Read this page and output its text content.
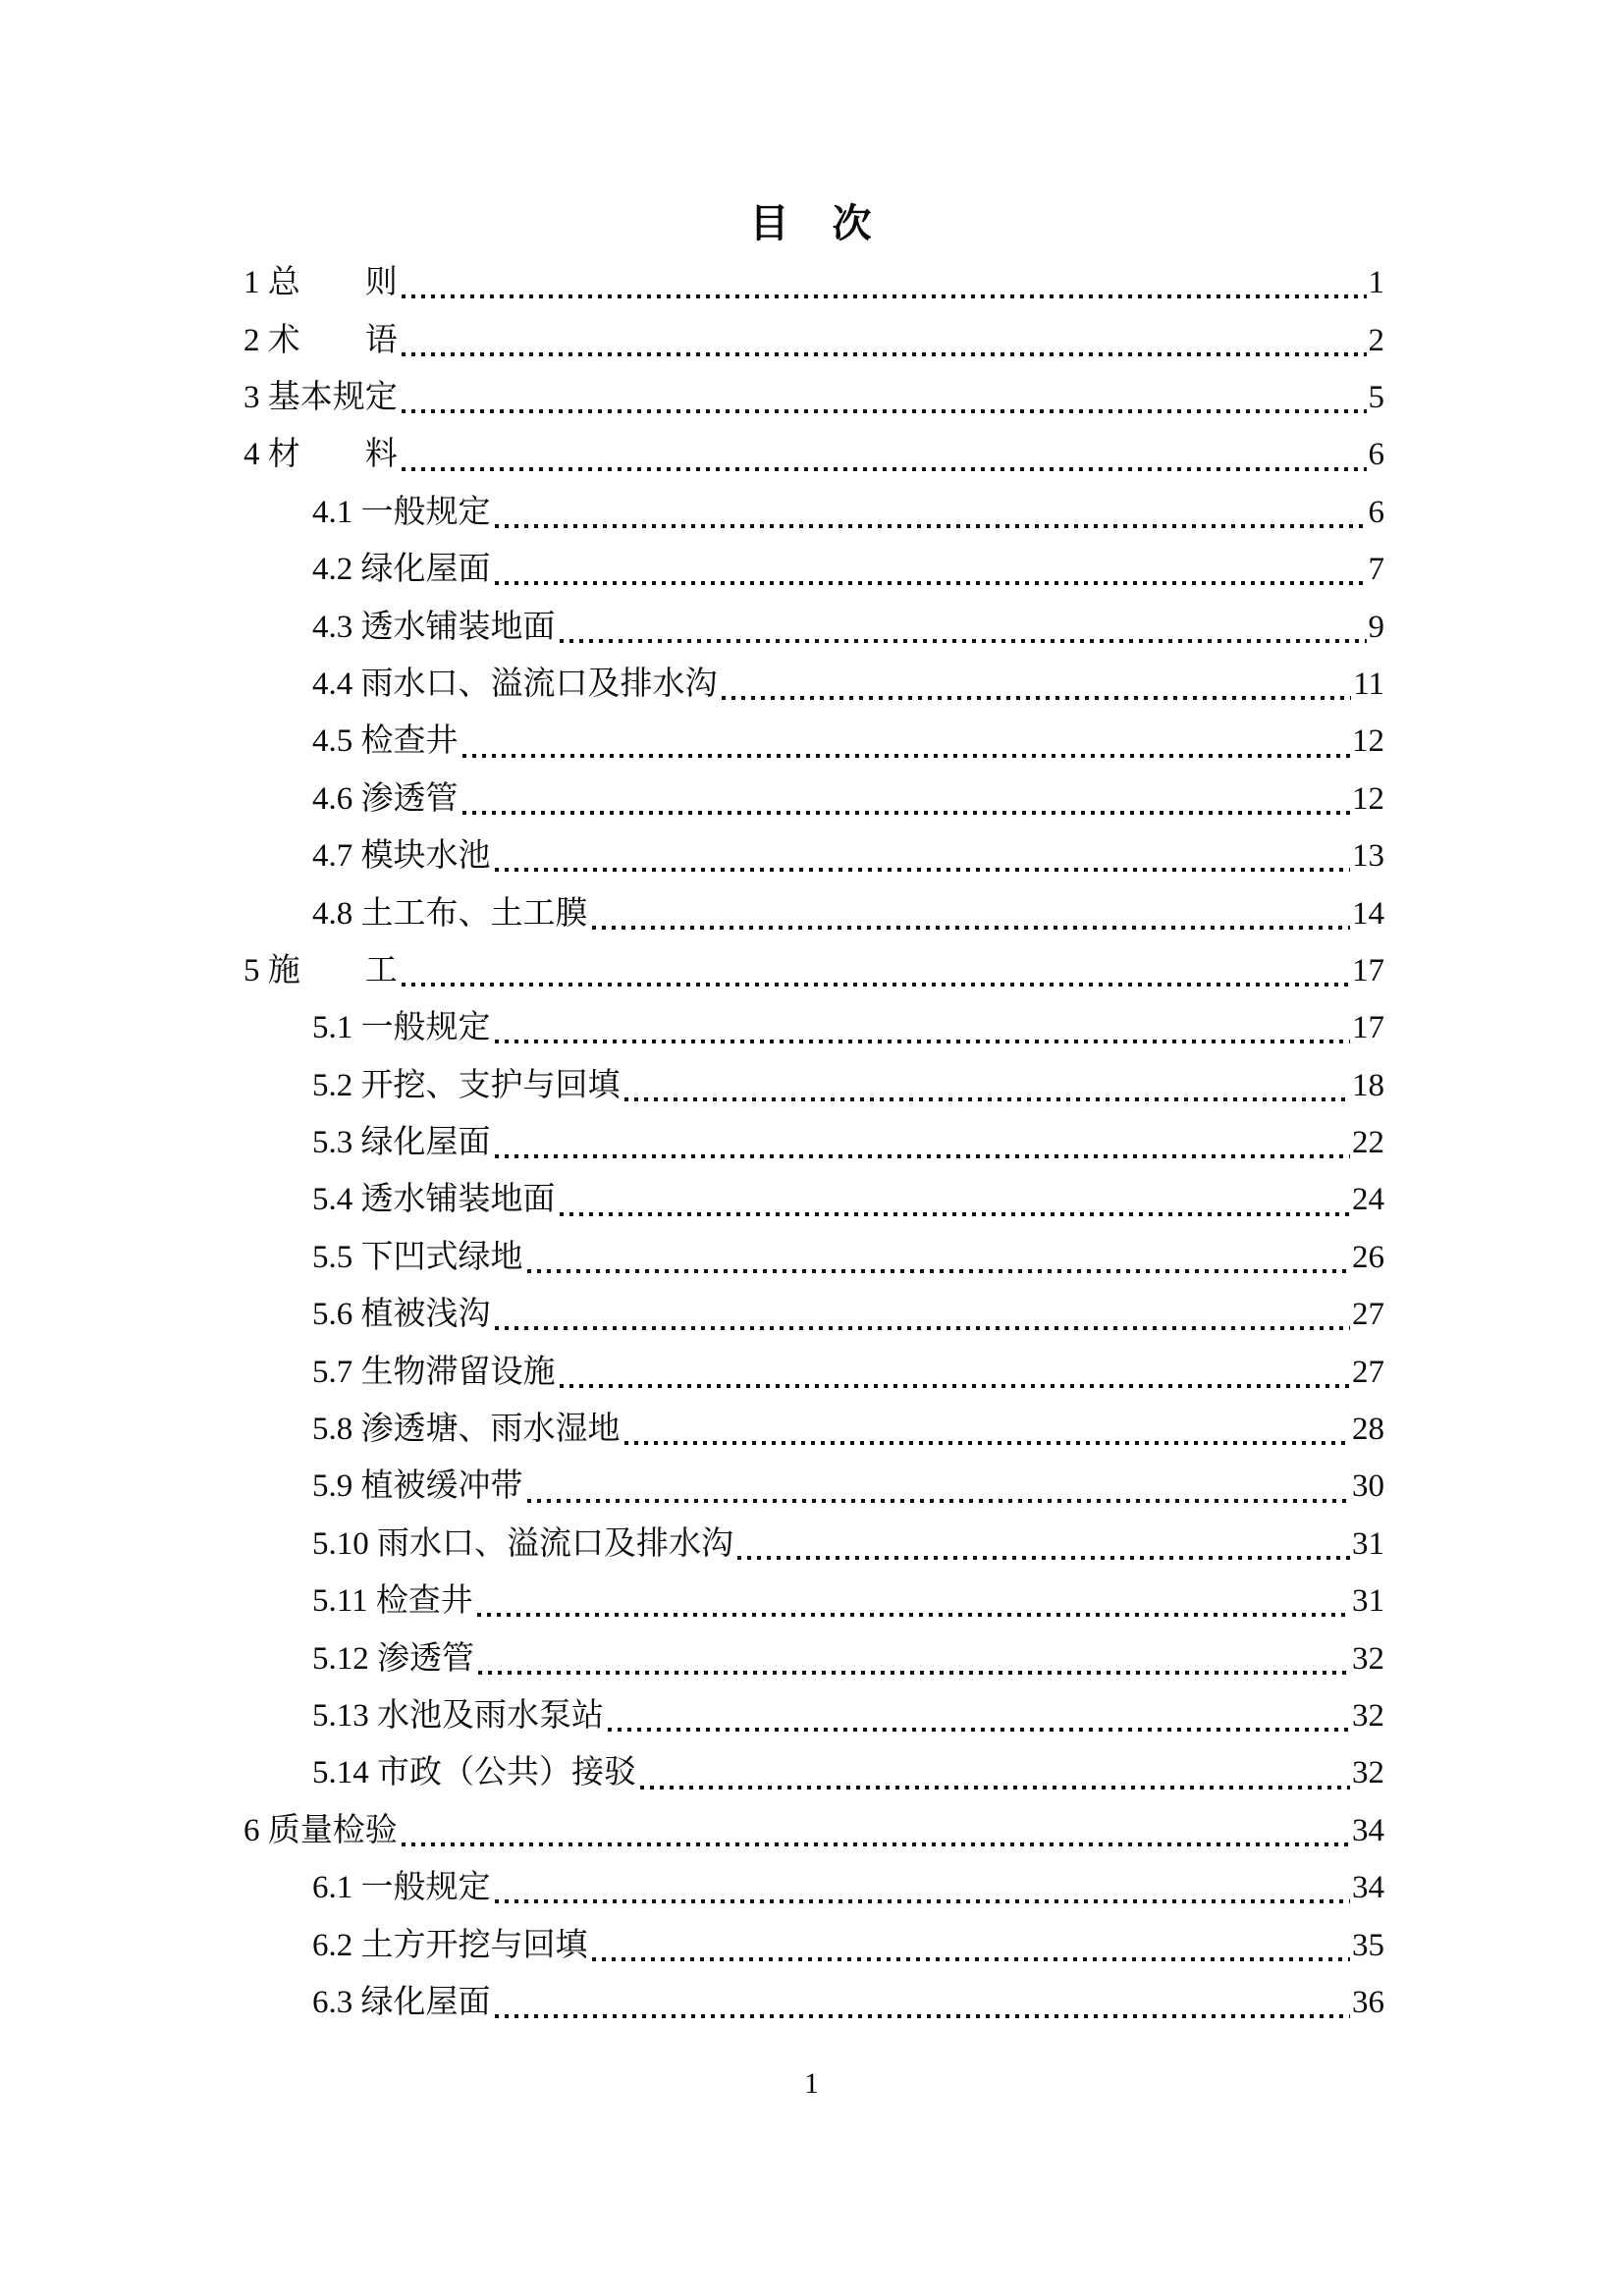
目　次
1 总　　则	1
2 术　　语	2
3 基本规定	5
4 材　　料	6
4.1 一般规定	6
4.2 绿化屋面	7
4.3 透水铺装地面	9
4.4 雨水口、溢流口及排水沟	11
4.5 检查井	12
4.6 渗透管	12
4.7 模块水池	13
4.8 土工布、土工膜	14
5 施　　工	17
5.1 一般规定	17
5.2 开挖、支护与回填	18
5.3 绿化屋面	22
5.4 透水铺装地面	24
5.5 下凹式绿地	26
5.6 植被浅沟	27
5.7 生物滞留设施	27
5.8 渗透塘、雨水湿地	28
5.9 植被缓冲带	30
5.10 雨水口、溢流口及排水沟	31
5.11 检查井	31
5.12 渗透管	32
5.13 水池及雨水泵站	32
5.14 市政（公共）接驳	32
6 质量检验	34
6.1 一般规定	34
6.2 土方开挖与回填	35
6.3 绿化屋面	36
1
